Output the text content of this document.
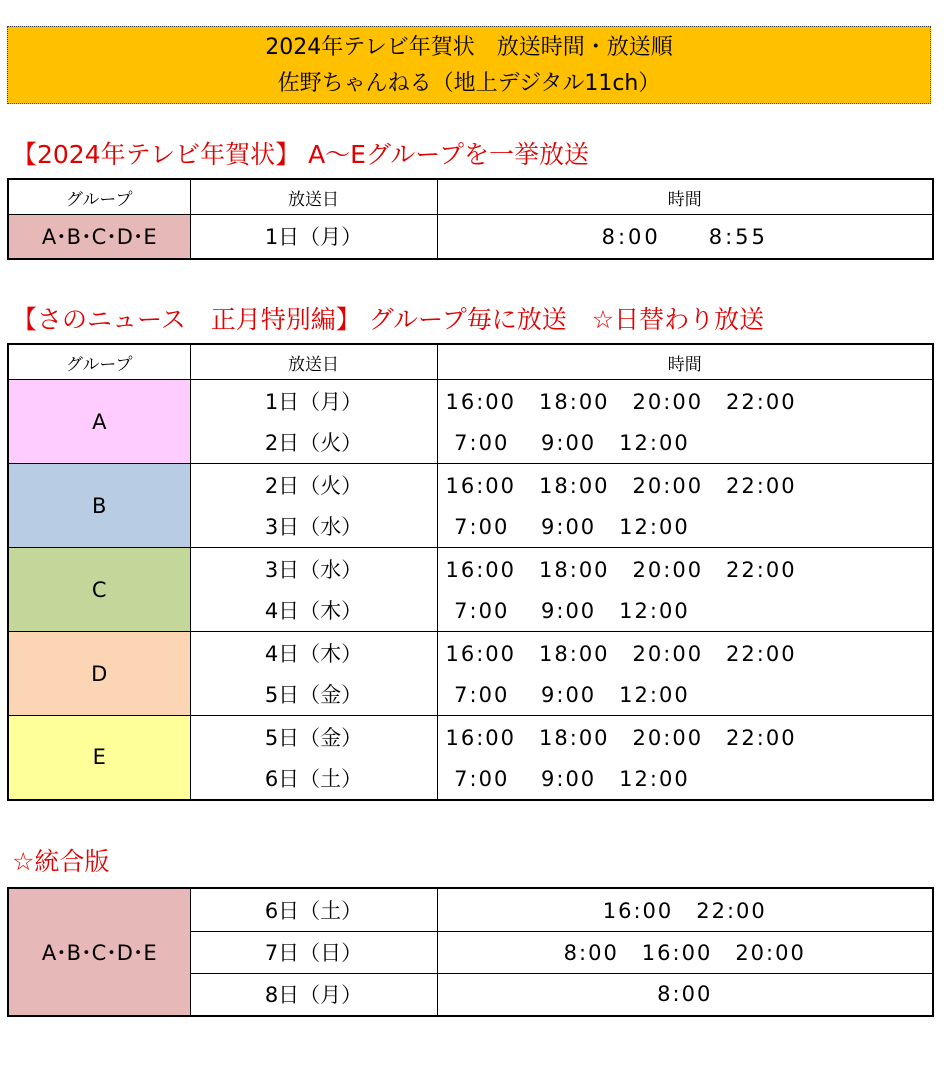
2024年テレビ年賀状　放送時間・放送順
佐野ちゃんねる（地上デジタル11ch）
【2024年テレビ年賀状】 A～Eグループを一挙放送
グループ	放送日	時間
A･B･C･D･E	1日（月）	8:00　　8:55
【さのニュース　正月特別編】 グループ毎に放送　☆日替わり放送
グループ	放送日	時間
A	1日（月）	16:00　18:00　20:00　22:00
	2日（火）	7:00　 9:00　12:00
B	2日（火）	16:00　18:00　20:00　22:00
	3日（水）	7:00　 9:00　12:00
C	3日（水）	16:00　18:00　20:00　22:00
	4日（木）	7:00　 9:00　12:00
D	4日（木）	16:00　18:00　20:00　22:00
	5日（金）	7:00　 9:00　12:00
E	5日（金）	16:00　18:00　20:00　22:00
	6日（土）	7:00　 9:00　12:00
☆統合版
A･B･C･D･E	6日（土）	16:00　22:00
	7日（日）	8:00　16:00　20:00
	8日（月）	8:00
